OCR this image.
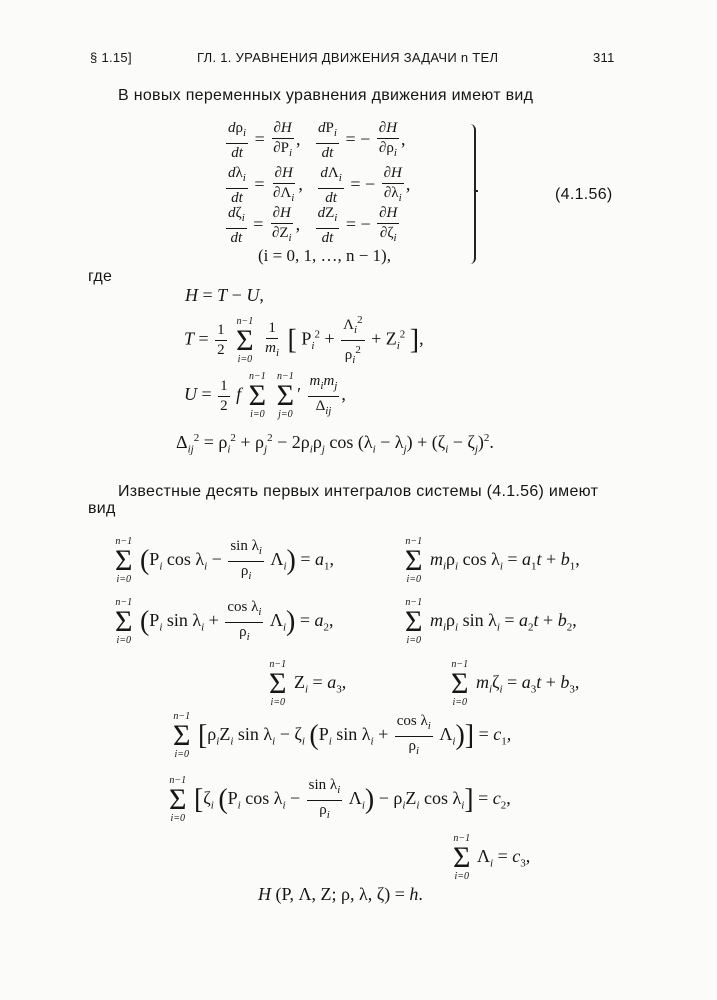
§ 1.15]	ГЛ. 1. УРАВНЕНИЯ ДВИЖЕНИЯ ЗАДАЧИ n ТЕЛ	311
В новых переменных уравнения движения имеют вид
$\frac{d\rho_i}{dt} = \frac{\partial H}{\partial P_i}$ , $\frac{dP_i}{dt}$ = − $\frac{\partial H}{\partial\rho_i}$ ,
$\frac{d\lambda_i}{dt} = \frac{\partial H}{\partial\Lambda_i}$ , $\frac{d\Lambda_i}{dt}$ = − $\frac{\partial H}{\partial\lambda_i}$ ,
$\frac{d\zeta_i}{dt} = \frac{\partial H}{\partial Z_i}$ , $\frac{dZ_i}{dt}$ = − $\frac{\partial H}{\partial\zeta_i}$
(i = 0, 1, …, n − 1),
(4.1.56)
где
H = T − U,
$T = \frac{1}{2}$

n−1
Σ
i=0
$\frac{1}{m_i}$ [ $P_i^2 + \frac{\Lambda_i^2}{\rho_i^2} + Z_i^2$ ],
$U = \frac{1}{2}$ f
n−1
Σ
i=0

n−1
Σ
j=0
′ $\frac{m_im_j}{\Delta_{ij}}$ ,
$\Delta_{ij}^2 = \rho_i^2 + \rho_j^2 - 2\rho_i\rho_j$ $\cos (\lambda_i - \lambda_j) + (\zeta_i - \zeta_j)^2$.
Известные десять первых интегралов системы (4.1.56) имеют
вид
n−1
Σ
i=0
($P_i$ $\cos \lambda_i - \frac{\sin \lambda_i}{\rho_i} \Lambda_i) = a_1$,
n−1
Σ
i=0
$m_i\rho_i$ $\cos \lambda_i = a_1t + b_1$,
n−1
Σ
i=0
($P_i$ $\sin \lambda_i + \frac{\cos \lambda_i}{\rho_i} \Lambda_i) = a_2$,
n−1
Σ
i=0
$m_i\rho_i$ $\sin \lambda_i = a_2t + b_2$,
n−1
Σ
i=0
$Z_i = a_3$,
n−1
Σ
i=0
$m_i\zeta_i = a_3t + b_3$,
n−1
Σ
i=0
[$\rho_iZ_i$ $\sin \lambda_i - \zeta_i$ ($P_i$ $\sin \lambda_i + \frac{\cos \lambda_i}{\rho_i} \Lambda_i)] = c_1$,
n−1
Σ
i=0
[$\zeta_i$ ($P_i$ $\cos \lambda_i - \frac{\sin \lambda_i}{\rho_i} \Lambda_i) - \rho_iZ_i$ $\cos \lambda_i] = c_2$,
n−1
Σ
i=0
$\Lambda_i = c_3$,
H (P, Λ, Z; ρ, λ, ζ) = h.
